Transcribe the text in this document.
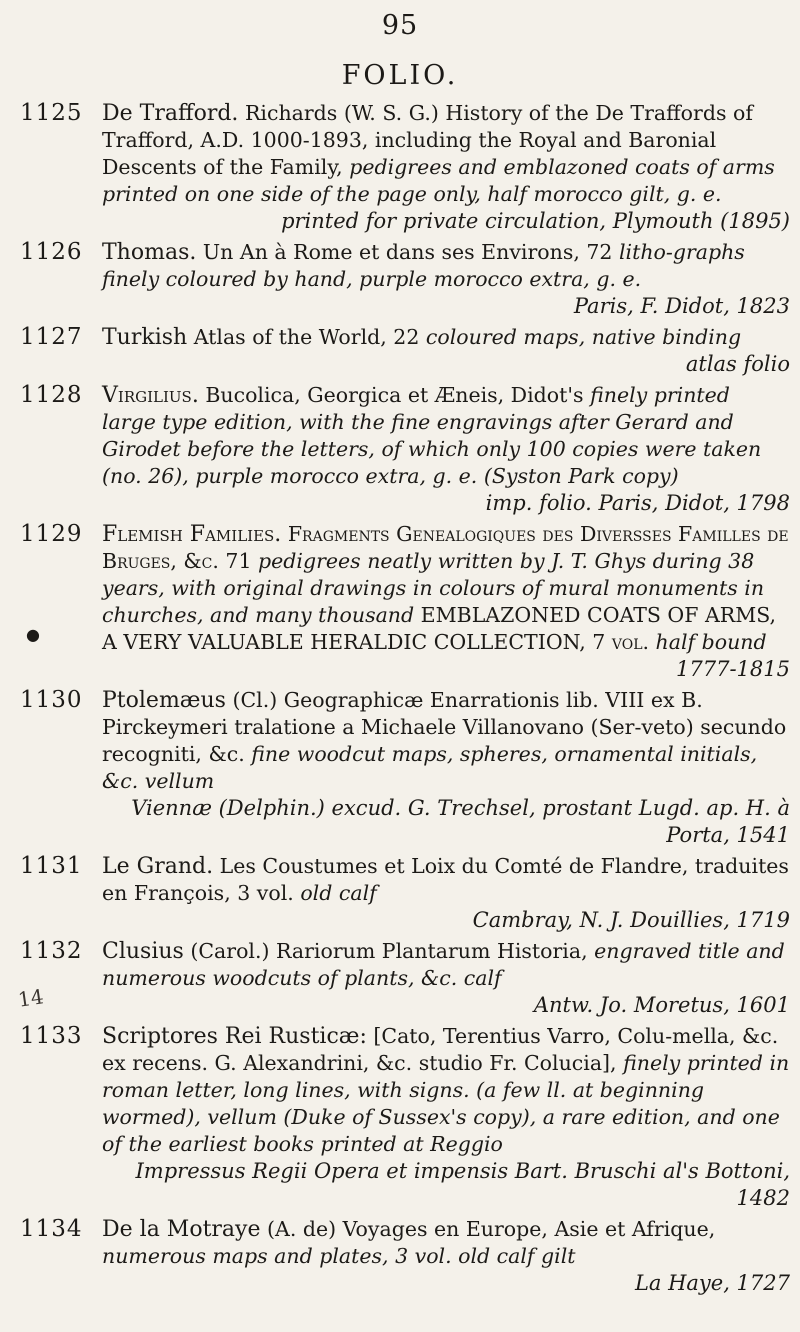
95
FOLIO.
●
14
1125 De Trafford. Richards (W. S. G.) History of the De Traffords of Trafford, A.D. 1000-1893, including the Royal and Baronial Descents of the Family, pedigrees and emblazoned coats of arms printed on one side of the page only, half morocco gilt, g. e.
printed for private circulation, Plymouth (1895)
1126 Thomas. Un An à Rome et dans ses Environs, 72 litho-graphs finely coloured by hand, purple morocco extra, g. e.
Paris, F. Didot, 1823
1127 Turkish Atlas of the World, 22 coloured maps, native binding
atlas folio
1128 Virgilius. Bucolica, Georgica et Æneis, Didot's finely printed large type edition, with the fine engravings after Gerard and Girodet before the letters, of which only 100 copies were taken (no. 26), purple morocco extra, g. e. (Syston Park copy)
imp. folio. Paris, Didot, 1798
1129 Flemish Families. Fragments Genealogiques des Diversses Familles de Bruges, &c. 71 pedigrees neatly written by J. T. Ghys during 38 years, with original drawings in colours of mural monuments in churches, and many thousand EMBLAZONED COATS OF ARMS, A VERY VALUABLE HERALDIC COLLECTION, 7 vol. half bound
1777-1815
1130 Ptolemæus (Cl.) Geographicæ Enarrationis lib. VIII ex B. Pirckeymeri tralatione a Michaele Villanovano (Ser-veto) secundo recogniti, &c. fine woodcut maps, spheres, ornamental initials, &c. vellum
Viennæ (Delphin.) excud. G. Trechsel, prostant Lugd. ap. H. à Porta, 1541
1131 Le Grand. Les Coustumes et Loix du Comté de Flandre, traduites en François, 3 vol. old calf
Cambray, N. J. Douillies, 1719
1132 Clusius (Carol.) Rariorum Plantarum Historia, engraved title and numerous woodcuts of plants, &c. calf
Antw. Jo. Moretus, 1601
1133 Scriptores Rei Rusticæ: [Cato, Terentius Varro, Colu-mella, &c. ex recens. G. Alexandrini, &c. studio Fr. Colucia], finely printed in roman letter, long lines, with signs. (a few ll. at beginning wormed), vellum (Duke of Sussex's copy), a rare edition, and one of the earliest books printed at Reggio
Impressus Regii Opera et impensis Bart. Bruschi al's Bottoni, 1482
1134 De la Motraye (A. de) Voyages en Europe, Asie et Afrique, numerous maps and plates, 3 vol. old calf gilt
La Haye, 1727
